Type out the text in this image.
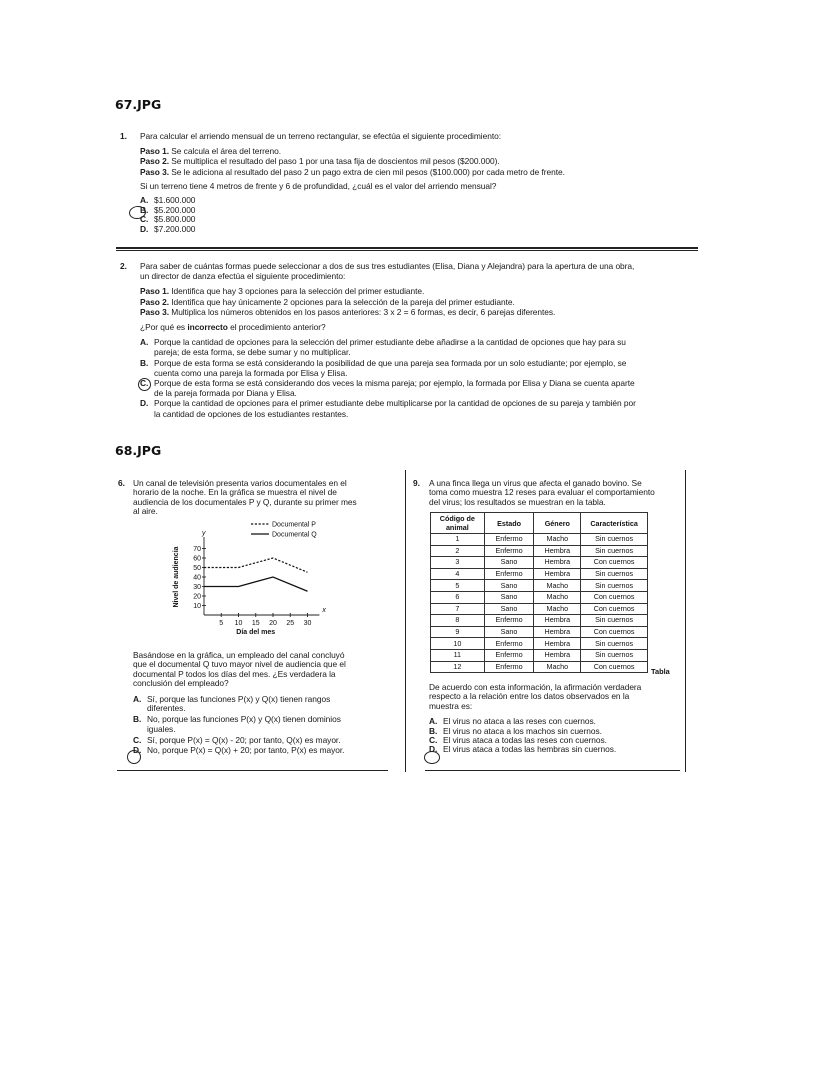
67.JPG
1.	Para calcular el arriendo mensual de un terreno rectangular, se efectúa el siguiente procedimiento:
Paso 1. Se calcula el área del terreno.
Paso 2. Se multiplica el resultado del paso 1 por una tasa fija de doscientos mil pesos ($200.000).
Paso 3. Se le adiciona al resultado del paso 2 un pago extra de cien mil pesos ($100.000) por cada metro de frente.
Si un terreno tiene 4 metros de frente y 6 de profundidad, ¿cuál es el valor del arriendo mensual?
A. $1.600.000
B. $5.200.000
C. $5.800.000
D. $7.200.000
2.	Para saber de cuántas formas puede seleccionar a dos de sus tres estudiantes (Elisa, Diana y Alejandra) para la apertura de una obra,
un director de danza efectúa el siguiente procedimiento:
Paso 1. Identifica que hay 3 opciones para la selección del primer estudiante.
Paso 2. Identifica que hay únicamente 2 opciones para la selección de la pareja del primer estudiante.
Paso 3. Multiplica los números obtenidos en los pasos anteriores: 3 x 2 = 6 formas, es decir, 6 parejas diferentes.
¿Por qué es incorrecto el procedimiento anterior?
A. Porque la cantidad de opciones para la selección del primer estudiante debe añadirse a la cantidad de opciones que hay para su
pareja; de esta forma, se debe sumar y no multiplicar.
B. Porque de esta forma se está considerando la posibilidad de que una pareja sea formada por un solo estudiante; por ejemplo, se
cuenta como una pareja la formada por Elisa y Elisa.
C. Porque de esta forma se está considerando dos veces la misma pareja; por ejemplo, la formada por Elisa y Diana se cuenta aparte
de la pareja formada por Diana y Elisa.
D. Porque la cantidad de opciones para el primer estudiante debe multiplicarse por la cantidad de opciones de su pareja y también por
la cantidad de opciones de los estudiantes restantes.
68.JPG
6. Un canal de televisión presenta varios documentales en el
horario de la noche. En la gráfica se muestra el nivel de
audiencia de los documentales P y Q, durante su primer mes
al aire.
x
y
10
20
30
40
50
60
70
5 10 15 20 25 30
Día del mes
Nivel de audiencia
Documental P
Documental Q
Basándose en la gráfica, un empleado del canal concluyó
que el documental Q tuvo mayor nivel de audiencia que el
documental P todos los días del mes. ¿Es verdadera la
conclusión del empleado?
A. Sí, porque las funciones P(x) y Q(x) tienen rangos
diferentes.
B. No, porque las funciones P(x) y Q(x) tienen dominios
iguales.
C. Sí, porque P(x) = Q(x) - 20; por tanto, Q(x) es mayor.
D. No, porque P(x) = Q(x) + 20; por tanto, P(x) es mayor.
9.	A una finca llega un virus que afecta el ganado bovino. Se
toma como muestra 12 reses para evaluar el comportamiento
del virus; los resultados se muestran en la tabla.
Código de animal	Estado	Género	Característica
1	Enfermo	Macho	Sin cuernos
2	Enfermo	Hembra	Sin cuernos
3	Sano	Hembra	Con cuernos
4	Enfermo	Hembra	Sin cuernos
5	Sano	Macho	Sin cuernos
6	Sano	Macho	Con cuernos
7	Sano	Macho	Con cuernos
8	Enfermo	Hembra	Sin cuernos
9	Sano	Hembra	Con cuernos
10	Enfermo	Hembra	Sin cuernos
11	Enfermo	Hembra	Sin cuernos
12	Enfermo	Macho	Con cuernos
Tabla
De acuerdo con esta información, la afirmación verdadera
respecto a la relación entre los datos observados en la
muestra es:
A. El virus no ataca a las reses con cuernos.
B. El virus no ataca a los machos sin cuernos.
C. El virus ataca a todas las reses con cuernos.
D. El virus ataca a todas las hembras sin cuernos.
